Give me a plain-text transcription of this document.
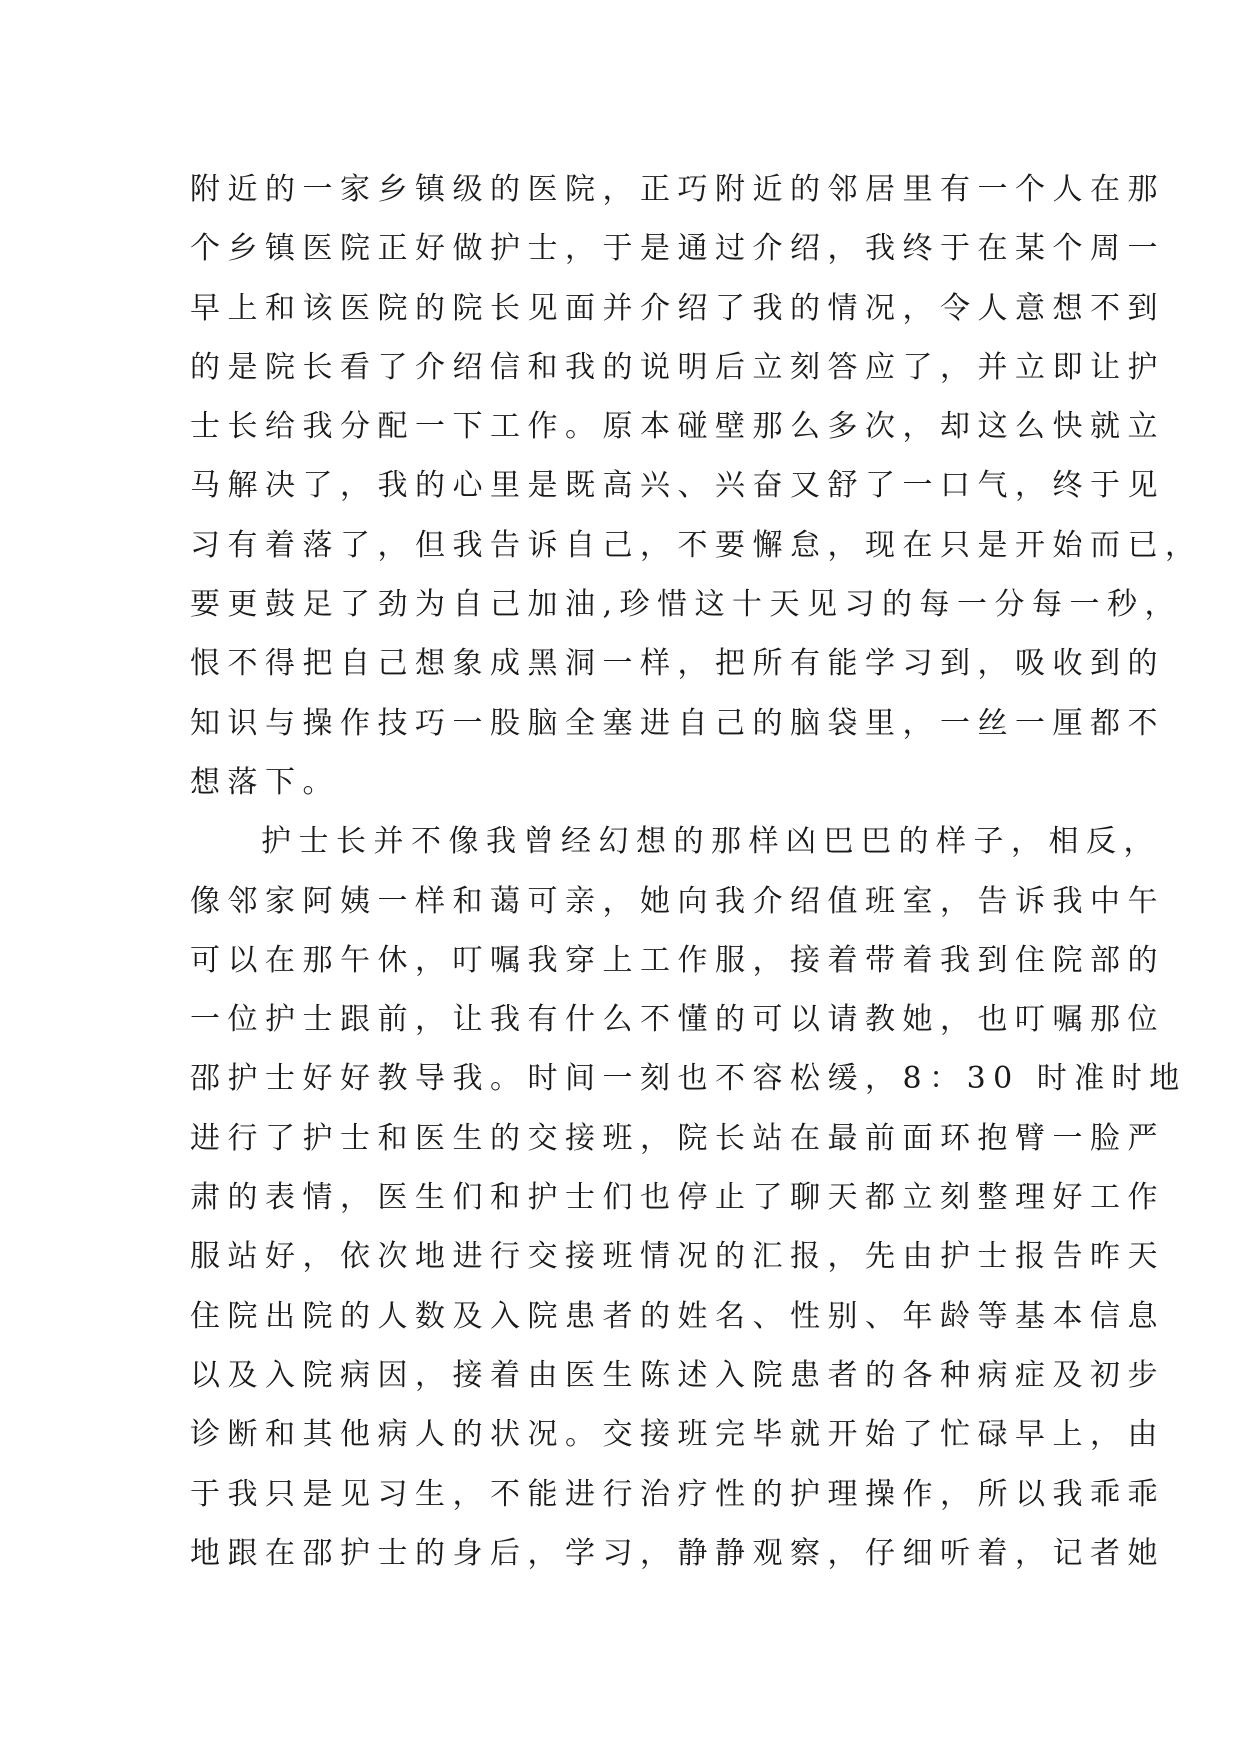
附近的一家乡镇级的医院，正巧附近的邻居里有一个人在那
个乡镇医院正好做护士，于是通过介绍，我终于在某个周一
早上和该医院的院长见面并介绍了我的情况，令人意想不到
的是院长看了介绍信和我的说明后立刻答应了，并立即让护
士长给我分配一下工作。原本碰壁那么多次，却这么快就立
马解决了，我的心里是既高兴、兴奋又舒了一口气，终于见
习有着落了，但我告诉自己，不要懈怠，现在只是开始而已，
要更鼓足了劲为自己加油,珍惜这十天见习的每一分每一秒，
恨不得把自己想象成黑洞一样，把所有能学习到，吸收到的
知识与操作技巧一股脑全塞进自己的脑袋里，一丝一厘都不
想落下。
护士长并不像我曾经幻想的那样凶巴巴的样子，相反，
像邻家阿姨一样和蔼可亲，她向我介绍值班室，告诉我中午
可以在那午休，叮嘱我穿上工作服，接着带着我到住院部的
一位护士跟前，让我有什么不懂的可以请教她，也叮嘱那位
邵护士好好教导我。时间一刻也不容松缓，8：30 时准时地
进行了护士和医生的交接班，院长站在最前面环抱臂一脸严
肃的表情，医生们和护士们也停止了聊天都立刻整理好工作
服站好，依次地进行交接班情况的汇报，先由护士报告昨天
住院出院的人数及入院患者的姓名、性别、年龄等基本信息
以及入院病因，接着由医生陈述入院患者的各种病症及初步
诊断和其他病人的状况。交接班完毕就开始了忙碌早上，由
于我只是见习生，不能进行治疗性的护理操作，所以我乖乖
地跟在邵护士的身后，学习，静静观察，仔细听着，记者她
